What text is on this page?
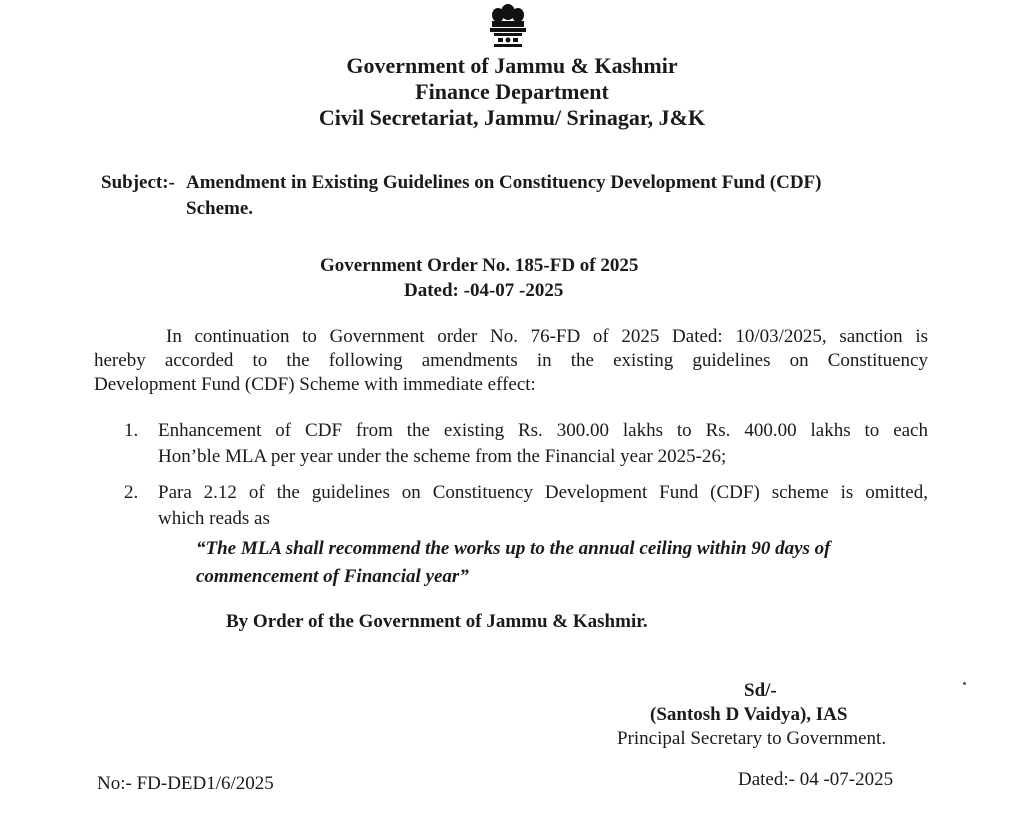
Government of Jammu & Kashmir
Finance Department
Civil Secretariat, Jammu/ Srinagar, J&K
Subject:- Amendment in Existing Guidelines on Constituency Development Fund (CDF)
Scheme.
Government Order No. 185-FD of 2025
Dated: -04-07 -2025
In continuation to Government order No. 76-FD of 2025 Dated: 10/03/2025, sanction is
hereby accorded to the following amendments in the existing guidelines on Constituency
Development Fund (CDF) Scheme with immediate effect:
1. Enhancement of CDF from the existing Rs. 300.00 lakhs to Rs. 400.00 lakhs to each
Hon’ble MLA per year under the scheme from the Financial year 2025-26;
2. Para 2.12 of the guidelines on Constituency Development Fund (CDF) scheme is omitted,
which reads as
“The MLA shall recommend the works up to the annual ceiling within 90 days of
commencement of Financial year”
By Order of the Government of Jammu & Kashmir.
Sd/-
(Santosh D Vaidya), IAS
Principal Secretary to Government.
No:- FD-DED1/6/2025	Dated:- 04 -07-2025
